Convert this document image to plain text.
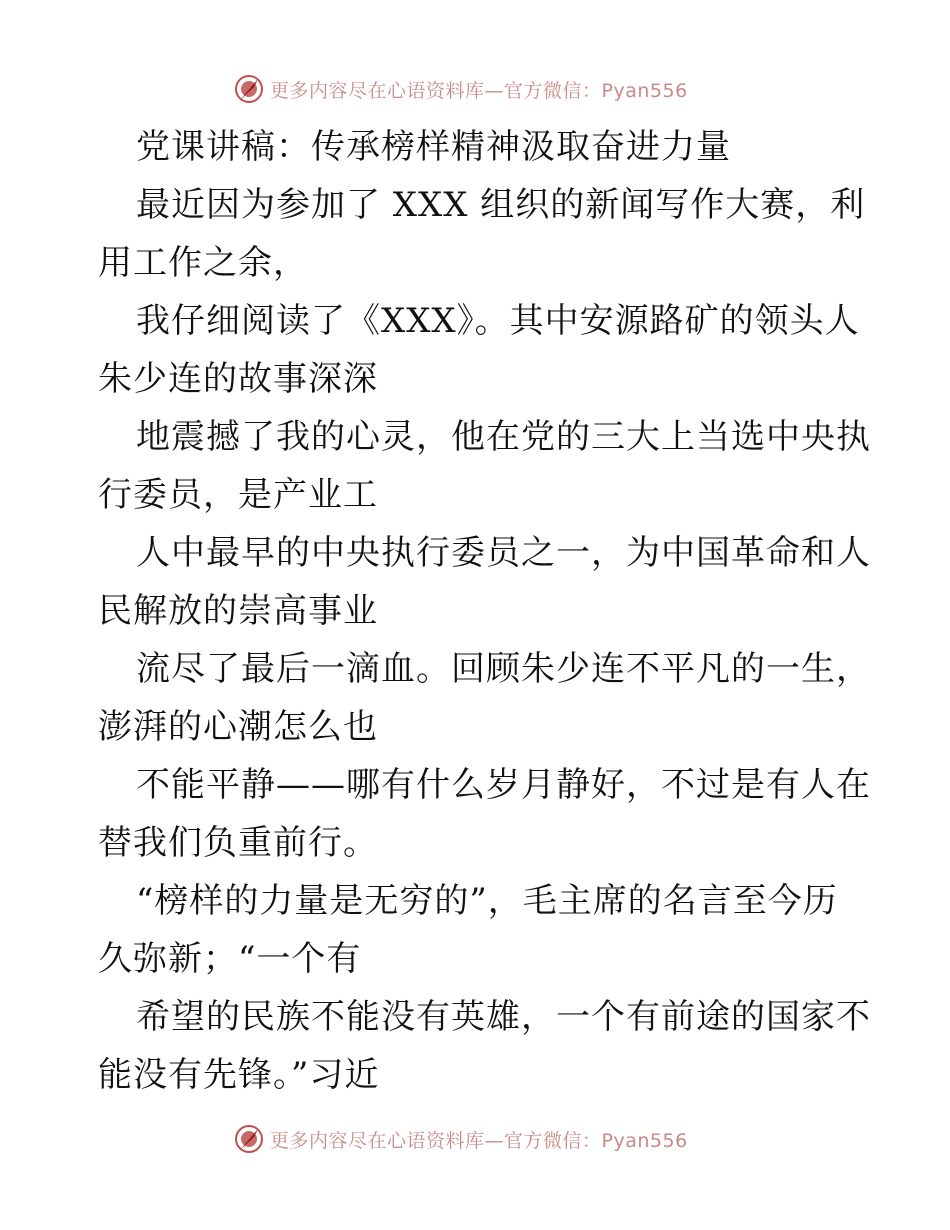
更多内容尽在心语资料库—官方微信：Pyan556
党课讲稿：传承榜样精神汲取奋进力量
最近因为参加了 XXX 组织的新闻写作大赛，利
用工作之余，
我仔细阅读了《XXX》。其中安源路矿的领头人
朱少连的故事深深
地震撼了我的心灵，他在党的三大上当选中央执
行委员，是产业工
人中最早的中央执行委员之一，为中国革命和人
民解放的崇高事业
流尽了最后一滴血。回顾朱少连不平凡的一生，
澎湃的心潮怎么也
不能平静——哪有什么岁月静好，不过是有人在
替我们负重前行。
“榜样的力量是无穷的”，毛主席的名言至今历
久弥新；“一个有
希望的民族不能没有英雄，一个有前途的国家不
能没有先锋。”习近
更多内容尽在心语资料库—官方微信：Pyan556
